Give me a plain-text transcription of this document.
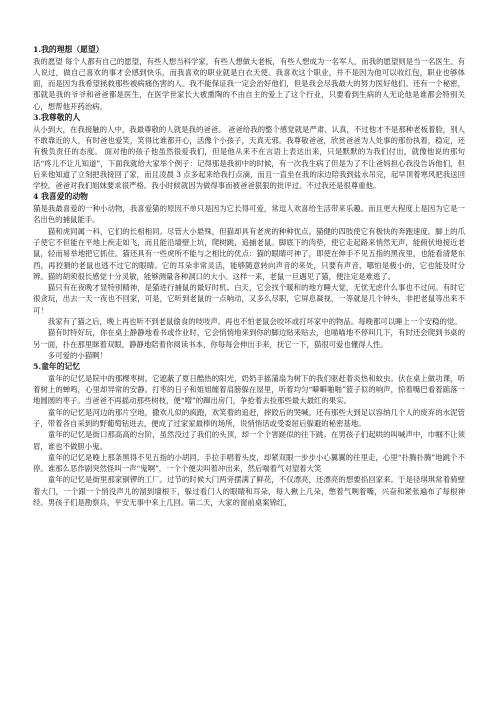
1.我的理想（愿望）

我的愿望 每个人都有自己的愿望，有些人想当科学家，有些人想做大老板，有些人想成为一名军人，而我的愿望则是当一名医生。有人说过，做自己喜欢的事才会感到快乐，而我喜欢的职业就是白衣天使。我喜欢这个职业，并不是因为他可以收红包，职业也够体面，而是因为我希望拯救那些被病痛伤害的人。我不能保证我一定会治好他们，但是我会尽我最大的努力医好他们。还有一个秘密，那就是我的爷爷和爸爸都是医生，在医学世家长大被熏陶的不由自主的爱上了这个行业，只要看到生病的人无论他是谁都会特别关心，想帮他开药治病。

3.我尊敬的人

从小到大，在我接触的人中，我最尊敬的人就是我的爸爸。 爸爸给我的整个感觉就是严肃、认真，不过他才不是那种老板着脸，别人不敢靠近的人，有时爸也爱笑，笑得比谁都开心，活像个小孩子，天真无邪。我尊敬爸爸，欣赏爸爸为人处事的那份执着，稳定，还有极负责任的态度。 面对他的孩子他虽然很爱我们，但是他从来不在言语上表达出来，只是默默的为我们付出，就像他说的那句话“疼儿不让儿知道”，下面我就给大家举个例子：记得那是我初中的时候，有一次我生病了但是为了不让爸妈担心我没告诉他们，但后来他知道了立刻把我接回了家，而且凌晨 3 点多起来给我打点滴，而且一直坐在我的床边陪我到盐水吊完，起早顶着寒风把我送回学校。爸爸对我们姐妹要求很严格。我小时候就因为做得事而被爸爸狠狠的批评过。不过我还是很尊重他。

4 我喜爱的动物

猫是我最喜爱的一种小动物，我喜爱猫的原因不单只是因为它长得可爱，常逗人欢喜给生活带来乐趣。而且更大程度上是因为它是一名出色的捕鼠能手。

猫和虎同属一科，它们的长相相同。尽管大小悬殊，但猫却具有老虎的种种优点。猫健的四肢使它有极快的奔跑速度。脚上的爪子使它不但能在平地上疾走如飞，而且能沿墙壁上坑，爬树跳，追捕老鼠。脚底下的肉垫，使它走起路来悄然无声，能俯伏地接近老鼠，轻而易举地把它抓住。猫还具有一些虎所不能与之相比的优点：猫的眼睛可神了，即使在伸手不见五指的黑夜里，也能看清楚东西，再狡猾的老鼠也逃不过它的眼睛。它的耳朵非常灵活，能够随意转向声音的来处，只要有声音，哪怕是极小的，它也能及时分辨。猫的胡须很长感觉十分灵敏，能够测量各种洞口的大小。这样一来，老鼠一旦遇见了猫，便注定是难逃了。

猫只有在夜晚才显特别精神，是猫进行捕鼠的最好时机。白天，它会找个暖和的地方睡大觉，无忧无虑什么事也不过问。有时它很贪玩，出去一天一夜也不回家，可是，它听到老鼠的一点响动，又多么尽职，它屏息凝视，一等就是几个钟头，非把老鼠等出来不可！

我家有了猫之后，晚上再也听不到老鼠偷食的吱吱声。再也不怕老鼠会咬坏或打坏家中的物品。每晚都可以睡上一个安稳的觉。

猫有时特好玩，你在桌上静静地看书或作业时，它会悄悄地来到你的脚边贴来贴去，也喵喵地不停叫几下，有时还会爬到书桌的另一面，扑在那里眯着双眼，静静地陪着你阅读书本，你每每会伸出手来，抚它一下，猫很可爱也懂得人性。

多可爱的小猫啊！

5.童年的记忆

童年的记忆是院中的那棵枣树。它遮蔽了夏日酷热的阳光，奶奶手摇蒲扇为树下的我们驱赶着炎热和蚊虫。伏在桌上做功课，听着树上的蝉鸣，心里却异常的安静。打枣的日子和姐姐缠着肩膀躲在屋里，听着均匀“噼噼啪啪”篮子似的响声，惊着嘴巴看着踮落一地圆圆的枣子。当爸爸不再摇动那些树枝，便“噌”的蹿出房门，争抢着去捡那些最大最红的果实。

童年的记忆是河边的那片空地，撒欢儿似的疯跑，欢笑着的追赶，摔跤后的哭喊。还有那些大到足以容纳几个人的废弃的水泥管子，带着各自采到的野葡萄钻进去，便成了过家家最棒的场所，说悄悄话或受委屈后躲避的秘密基地。

童年的记忆是街口那高高的台阶，虽然没过了我们的头顶，却一个个害蹉似的往下跳。在男孩子们起哄的叫喊声中，巾帼不让须眉，谁也不做胆小鬼。

童年的记忆是晚上那条黑得不见五指的小胡同，手拉手唱着头皮，却紧双眼一步步小心翼翼的往里走，心里“扑腾扑腾”地跳个不停。谁那么恶作剧突然怪叫一声“鬼啊”，一个个便尖叫着冲出来，然后喘着气对望着大笑

童年的记忆是街里那家铜锣的工厂。过节的时候大门两旁摆满了鲜花，不仅漂亮，还漂亮的想要掐回家来。于是径琪琪常着骑壁着大门，一个跟一个悄没声儿的溜到墙根下，躲过看门人的眼睛和耳朵，每人揪上几朵，憋着气咧着嘴，兴奋和紧张遍布了每根神经。男孩子们是勘察兵，平安无事中来上几回。第二天，大家的窗前桌案锦红，
